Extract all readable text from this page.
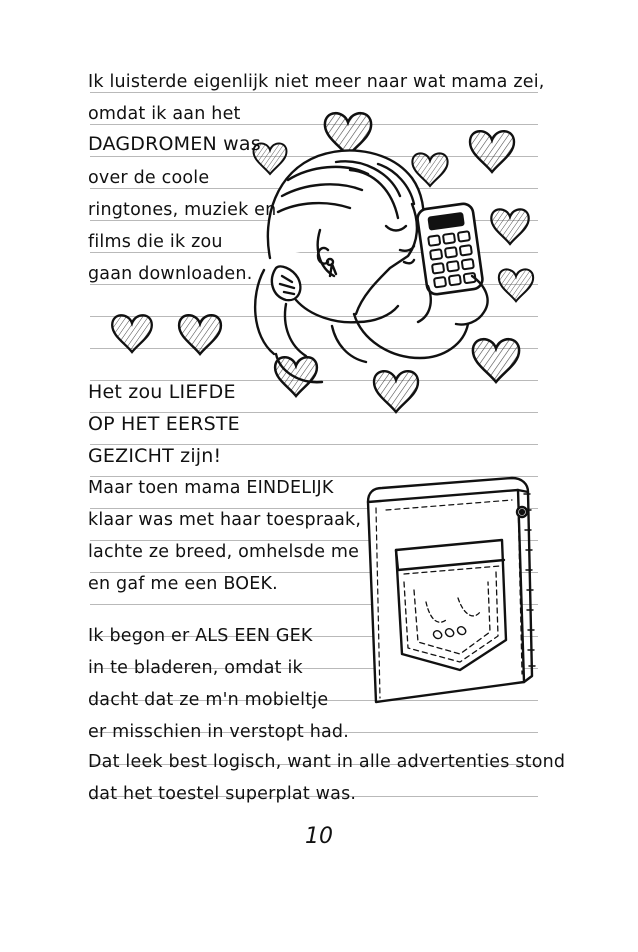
Ik luisterde eigenlijk niet meer naar wat mama zei,
omdat ik aan het
DAGDROMEN was
over de coole
ringtones, muziek en
films die ik zou
gaan downloaden.
Het zou LIEFDE
OP HET EERSTE
GEZICHT zijn!
Maar toen mama EINDELIJK
klaar was met haar toespraak,
lachte ze breed, omhelsde me
en gaf me een BOEK.
Ik begon er ALS EEN GEK
in te bladeren, omdat ik
dacht dat ze m'n mobieltje
er misschien in verstopt had.
Dat leek best logisch, want in alle advertenties stond
dat het toestel superplat was.
10
